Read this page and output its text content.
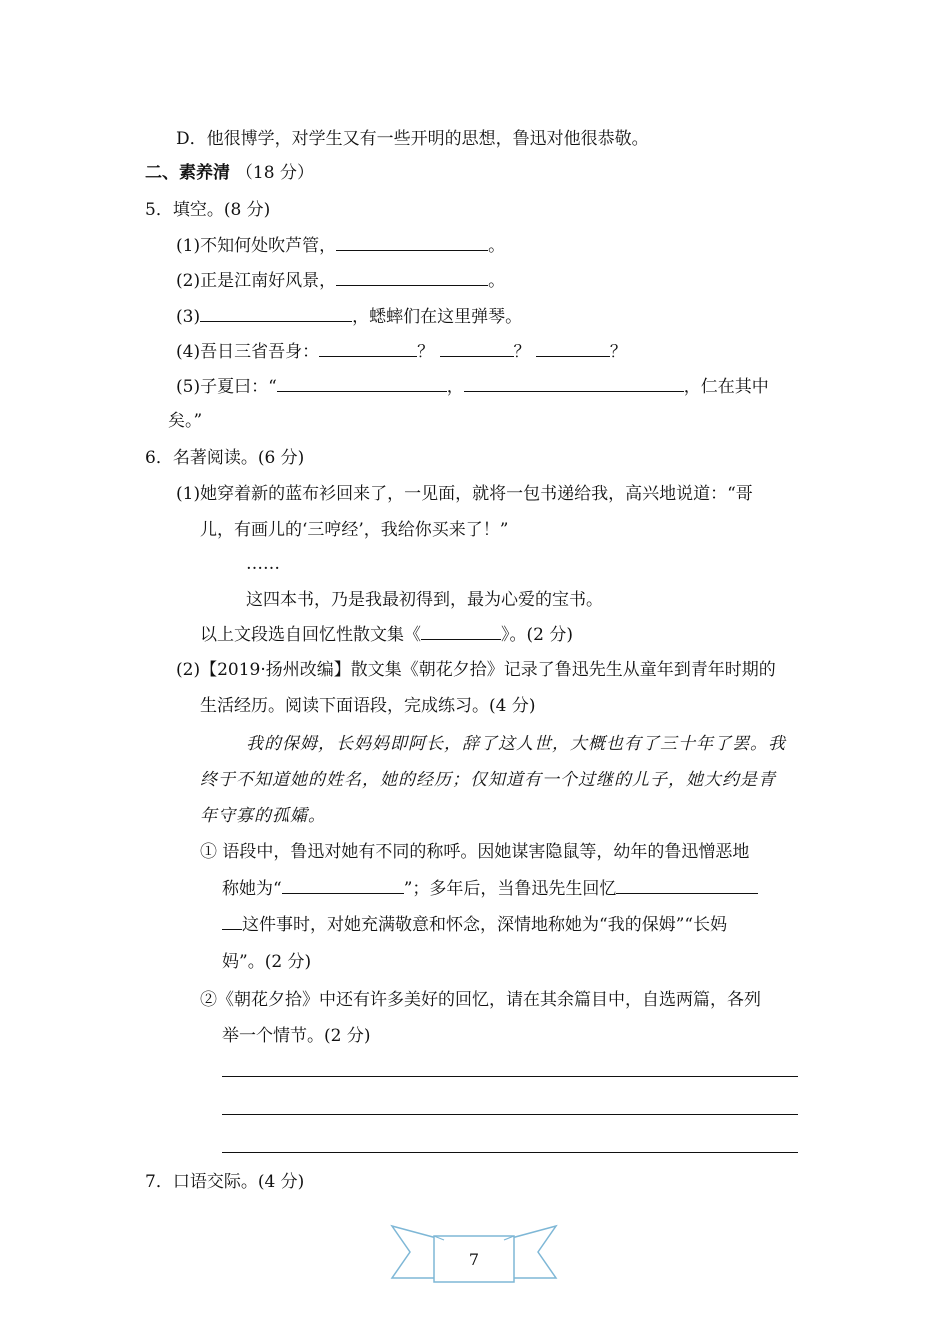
D．他很博学，对学生又有一些开明的思想，鲁迅对他很恭敬。
二、素养清 （18 分）
5．填空。(8 分)
(1)不知何处吹芦管，	。
(2)正是江南好风景，	。
(3)	，蟋蟀们在这里弹琴。
(4)吾日三省吾身：	？	？	？
(5)子夏曰：“	，	，仁在其中
矣。”
6．名著阅读。(6 分)
(1)她穿着新的蓝布衫回来了，一见面，就将一包书递给我，高兴地说道：“哥
儿，有画儿的‘三哼经’，我给你买来了！”
……
这四本书，乃是我最初得到，最为心爱的宝书。
以上文段选自回忆性散文集《	》。(2 分)
(2)【2019·扬州改编】散文集《朝花夕拾》记录了鲁迅先生从童年到青年时期的
生活经历。阅读下面语段，完成练习。(4 分)
我的保姆，长妈妈即阿长，辞了这人世，大概也有了三十年了罢。我
终于不知道她的姓名，她的经历；仅知道有一个过继的儿子，她大约是青
年守寡的孤孀。
① 语段中，鲁迅对她有不同的称呼。因她谋害隐鼠等，幼年的鲁迅憎恶地
称她为“	”；多年后，当鲁迅先生回忆
这件事时，对她充满敬意和怀念，深情地称她为“我的保姆”“长妈
妈”。(2 分)
②《朝花夕拾》中还有许多美好的回忆，请在其余篇目中，自选两篇，各列
举一个情节。(2 分)
7．口语交际。(4 分)
7
